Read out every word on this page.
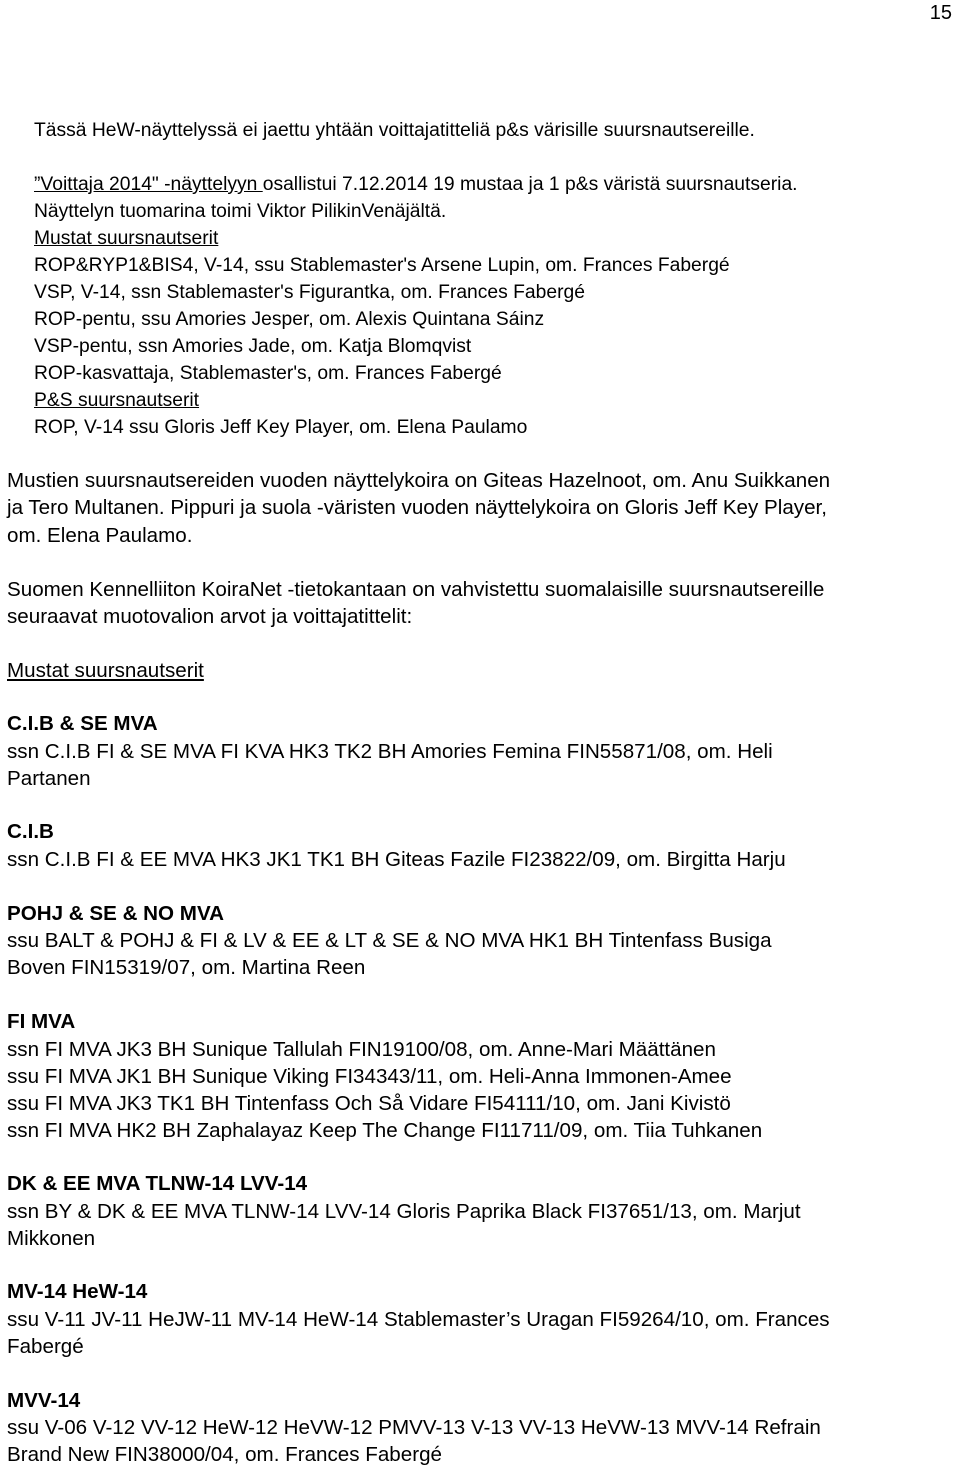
15
Tässä HeW-näyttelyssä ei jaettu yhtään voittajatitteliä p&s värisille suursnautsereille.
”Voittaja 2014" -näyttelyyn osallistui 7.12.2014 19 mustaa ja 1 p&s väristä suursnautseria.
Näyttelyn tuomarina toimi Viktor PilikinVenäjältä.
Mustat suursnautserit
ROP&RYP1&BIS4, V-14, ssu Stablemaster's Arsene Lupin, om. Frances Fabergé
VSP, V-14, ssn Stablemaster's Figurantka, om. Frances Fabergé
ROP-pentu, ssu Amories Jesper, om. Alexis Quintana Sáinz
VSP-pentu, ssn Amories Jade, om. Katja Blomqvist
ROP-kasvattaja, Stablemaster's, om. Frances Fabergé
P&S suursnautserit
ROP, V-14 ssu Gloris Jeff Key Player, om. Elena Paulamo
Mustien suursnautsereiden vuoden näyttelykoira on Giteas Hazelnoot, om. Anu Suikkanen
ja Tero Multanen. Pippuri ja suola -väristen vuoden näyttelykoira on Gloris Jeff Key Player,
om. Elena Paulamo.
Suomen Kennelliiton KoiraNet -tietokantaan on vahvistettu suomalaisille suursnautsereille
seuraavat muotovalion arvot ja voittajatittelit:
Mustat suursnautserit
C.I.B & SE MVA
ssn C.I.B FI & SE MVA FI KVA HK3 TK2 BH Amories Femina FIN55871/08, om. Heli
Partanen
C.I.B
ssn C.I.B FI & EE MVA HK3 JK1 TK1 BH Giteas Fazile FI23822/09, om. Birgitta Harju
POHJ & SE & NO MVA
ssu BALT & POHJ & FI & LV & EE & LT & SE & NO MVA HK1 BH Tintenfass Busiga
Boven FIN15319/07, om. Martina Reen
FI MVA
ssn FI MVA JK3 BH Sunique Tallulah FIN19100/08, om. Anne-Mari Määttänen
ssu FI MVA JK1 BH Sunique Viking FI34343/11, om. Heli-Anna Immonen-Amee
ssu FI MVA JK3 TK1 BH Tintenfass Och Så Vidare FI54111/10, om. Jani Kivistö
ssn FI MVA HK2 BH Zaphalayaz Keep The Change FI11711/09, om. Tiia Tuhkanen
DK & EE MVA TLNW-14 LVV-14
ssn BY & DK & EE MVA TLNW-14 LVV-14 Gloris Paprika Black FI37651/13, om. Marjut
Mikkonen
MV-14 HeW-14
ssu V-11 JV-11 HeJW-11 MV-14 HeW-14 Stablemaster’s Uragan FI59264/10, om. Frances
Fabergé
MVV-14
ssu V-06 V-12 VV-12 HeW-12 HeVW-12 PMVV-13 V-13 VV-13 HeVW-13 MVV-14 Refrain
Brand New FIN38000/04, om. Frances Fabergé
